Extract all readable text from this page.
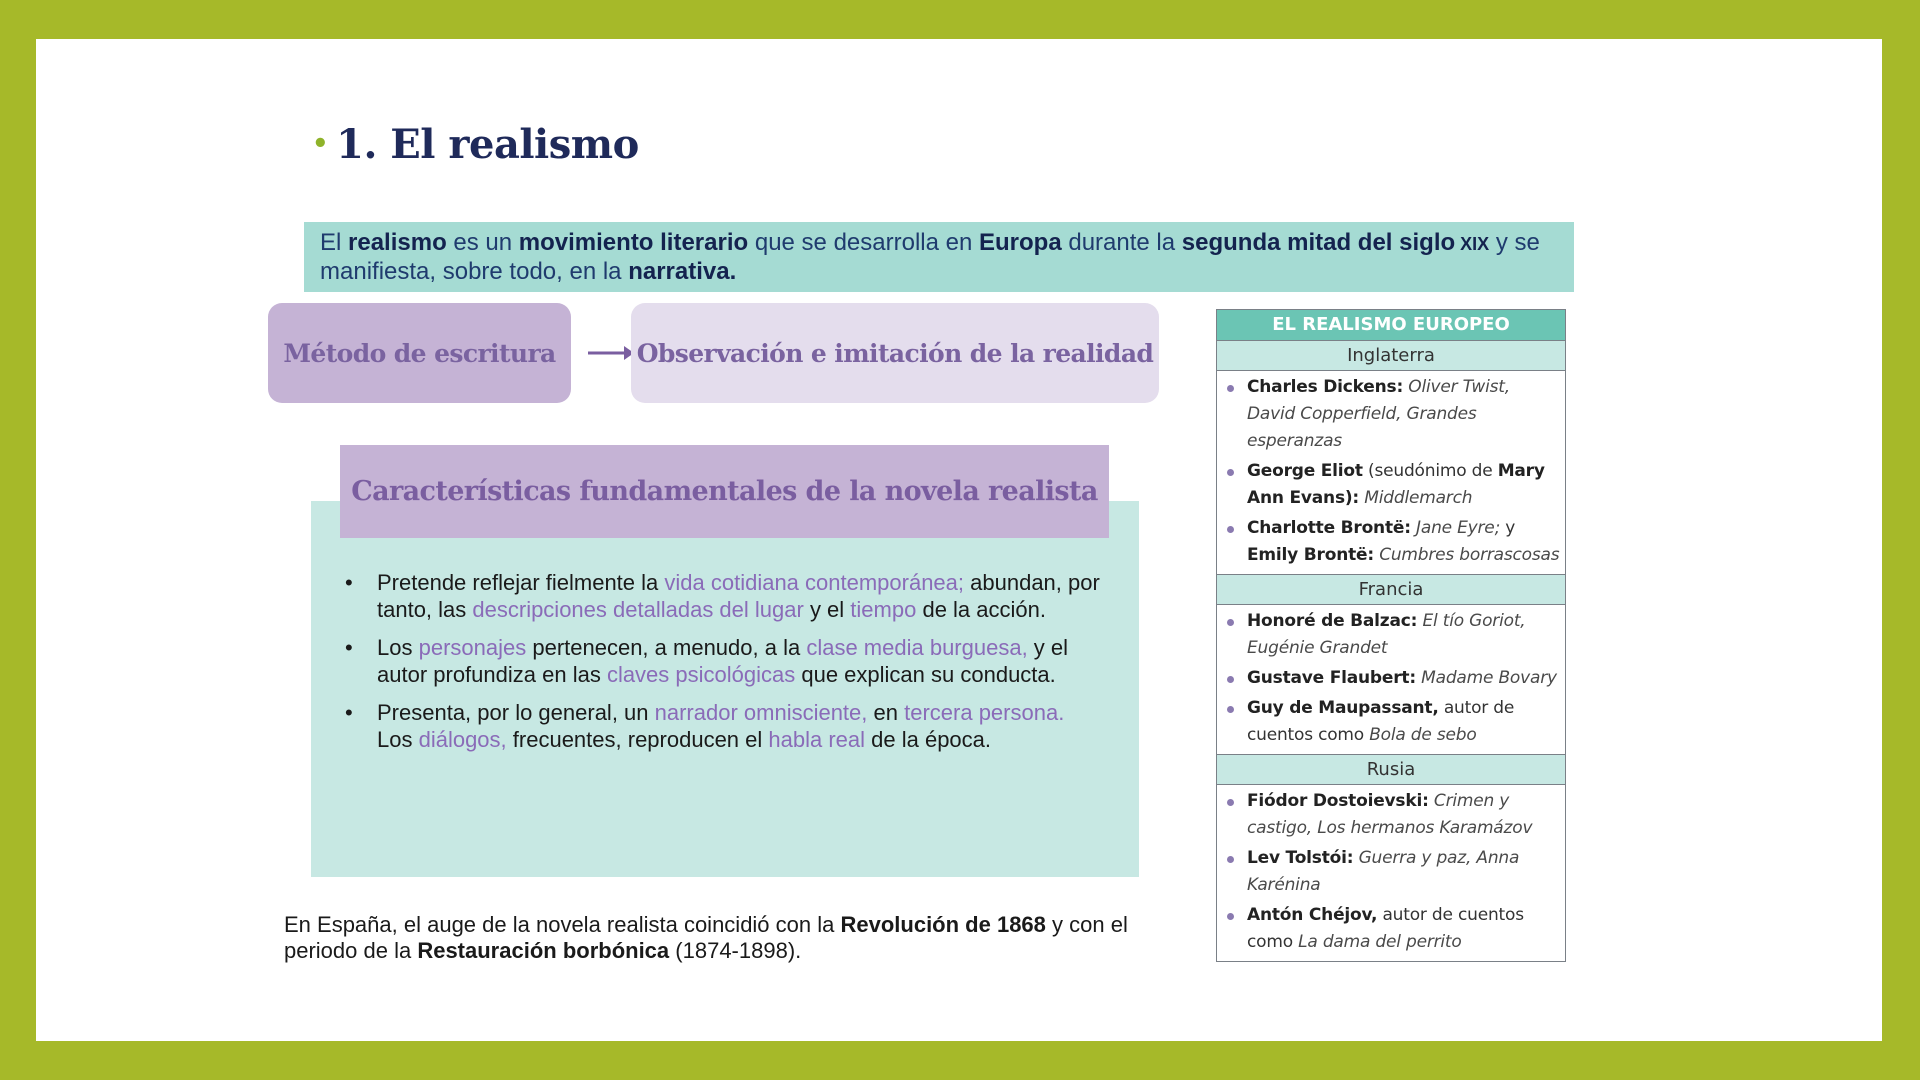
• 1. El realismo
El realismo es un movimiento literario que se desarrolla en Europa durante la segunda mitad del siglo XIX y se manifiesta, sobre todo, en la narrativa.
Método de escritura	Observación e imitación de la realidad
Características fundamentales de la novela realista
• Pretende reflejar fielmente la vida cotidiana contemporánea; abundan, por tanto, las descripciones detalladas del lugar y el tiempo de la acción.
• Los personajes pertenecen, a menudo, a la clase media burguesa, y el autor profundiza en las claves psicológicas que explican su conducta.
• Presenta, por lo general, un narrador omnisciente, en tercera persona. Los diálogos, frecuentes, reproducen el habla real de la época.
En España, el auge de la novela realista coincidió con la Revolución de 1868 y con el periodo de la Restauración borbónica (1874-1898).
EL REALISMO EUROPEO
Inglaterra
Charles Dickens: Oliver Twist, David Copperfield, Grandes esperanzas
George Eliot (seudónimo de Mary Ann Evans): Middlemarch
Charlotte Brontë: Jane Eyre; y Emily Brontë: Cumbres borrascosas
Francia
Honoré de Balzac: El tío Goriot, Eugénie Grandet
Gustave Flaubert: Madame Bovary
Guy de Maupassant, autor de cuentos como Bola de sebo
Rusia
Fiódor Dostoievski: Crimen y castigo, Los hermanos Karamázov
Lev Tolstói: Guerra y paz, Anna Karénina
Antón Chéjov, autor de cuentos como La dama del perrito
